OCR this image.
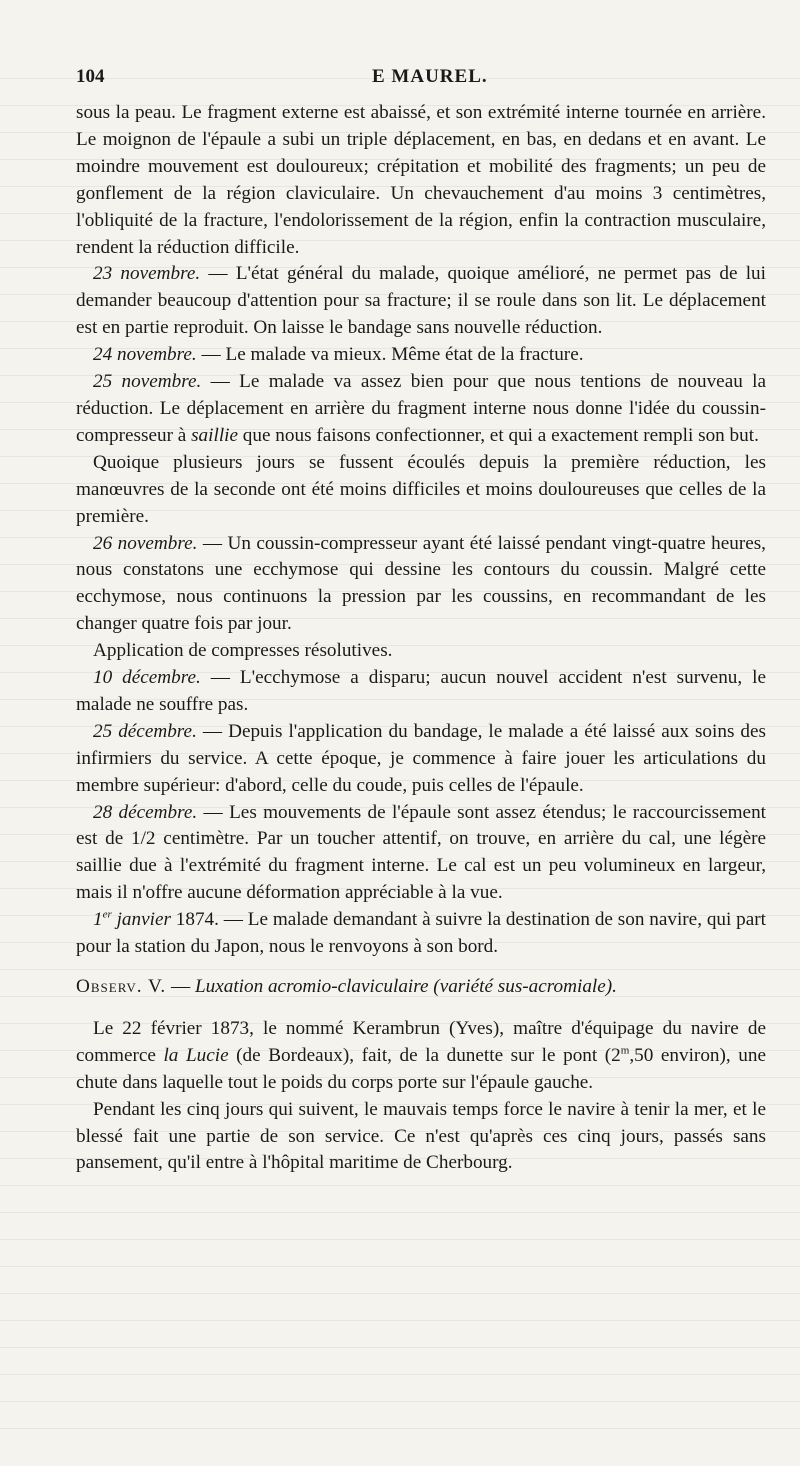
104	E MAUREL.

sous la peau. Le fragment externe est abaissé, et son extrémité interne tournée en arrière. Le moignon de l'épaule a subi un triple déplacement, en bas, en dedans et en avant. Le moindre mouvement est douloureux; crépitation et mobilité des fragments; un peu de gonflement de la région claviculaire. Un chevauchement d'au moins 3 centimètres, l'obliquité de la fracture, l'endolorissement de la région, enfin la contraction musculaire, rendent la réduction difficile.

23 novembre. — L'état général du malade, quoique amélioré, ne permet pas de lui demander beaucoup d'attention pour sa fracture; il se roule dans son lit. Le déplacement est en partie reproduit. On laisse le bandage sans nouvelle réduction.

24 novembre. — Le malade va mieux. Même état de la fracture.

25 novembre. — Le malade va assez bien pour que nous tentions de nouveau la réduction. Le déplacement en arrière du fragment interne nous donne l'idée du coussin-compresseur à saillie que nous faisons confectionner, et qui a exactement rempli son but.

Quoique plusieurs jours se fussent écoulés depuis la première réduction, les manœuvres de la seconde ont été moins difficiles et moins douloureuses que celles de la première.

26 novembre. — Un coussin-compresseur ayant été laissé pendant vingt-quatre heures, nous constatons une ecchymose qui dessine les contours du coussin. Malgré cette ecchymose, nous continuons la pression par les coussins, en recommandant de les changer quatre fois par jour.

Application de compresses résolutives.

10 décembre. — L'ecchymose a disparu; aucun nouvel accident n'est survenu, le malade ne souffre pas.

25 décembre. — Depuis l'application du bandage, le malade a été laissé aux soins des infirmiers du service. A cette époque, je commence à faire jouer les articulations du membre supérieur: d'abord, celle du coude, puis celles de l'épaule.

28 décembre. — Les mouvements de l'épaule sont assez étendus; le raccourcissement est de 1/2 centimètre. Par un toucher attentif, on trouve, en arrière du cal, une légère saillie due à l'extrémité du fragment interne. Le cal est un peu volumineux en largeur, mais il n'offre aucune déformation appréciable à la vue.

1er janvier 1874. — Le malade demandant à suivre la destination de son navire, qui part pour la station du Japon, nous le renvoyons à son bord.

Observ. V. — Luxation acromio-claviculaire (variété sus-acromiale).

Le 22 février 1873, le nommé Kerambrun (Yves), maître d'équipage du navire de commerce la Lucie (de Bordeaux), fait, de la dunette sur le pont (2$^m$,50 environ), une chute dans laquelle tout le poids du corps porte sur l'épaule gauche.

Pendant les cinq jours qui suivent, le mauvais temps force le navire à tenir la mer, et le blessé fait une partie de son service. Ce n'est qu'après ces cinq jours, passés sans pansement, qu'il entre à l'hôpital maritime de Cherbourg.
